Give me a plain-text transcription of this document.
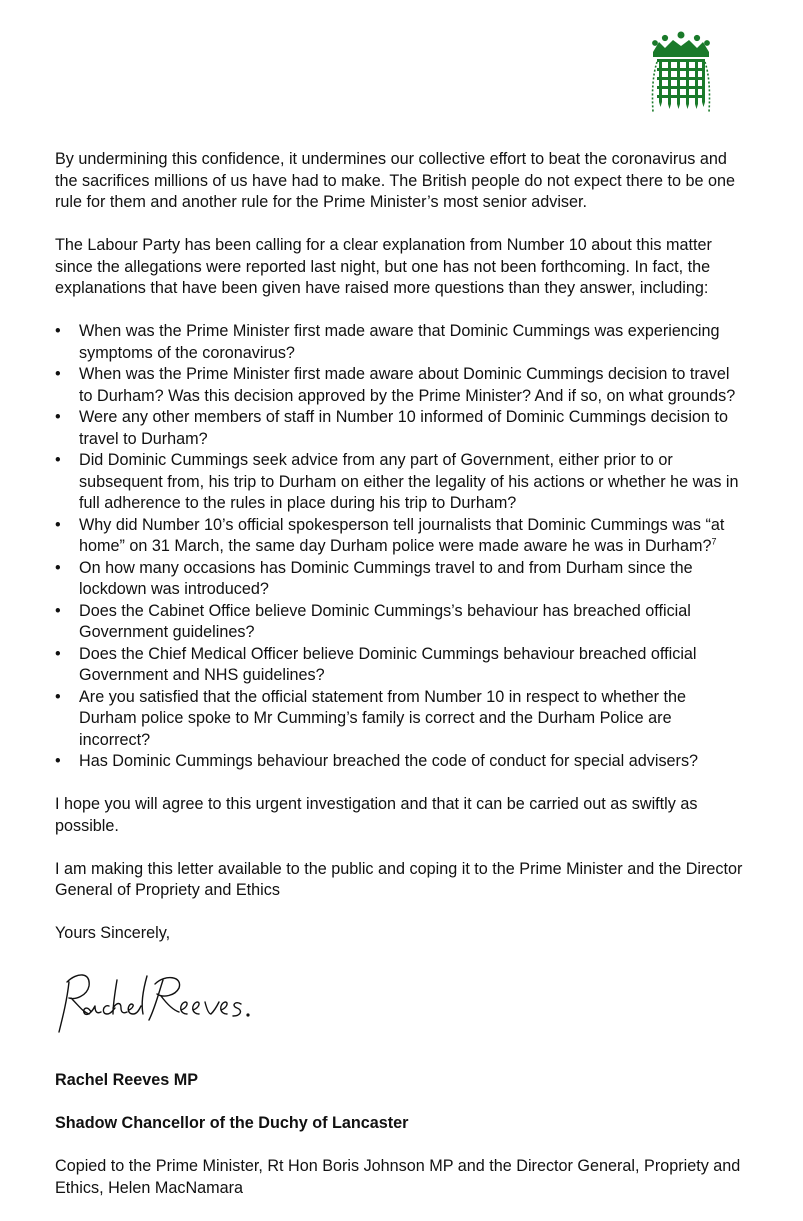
By undermining this confidence, it undermines our collective effort to beat the coronavirus and the sacrifices millions of us have had to make. The British people do not expect there to be one rule for them and another rule for the Prime Minister’s most senior adviser.

The Labour Party has been calling for a clear explanation from Number 10 about this matter since the allegations were reported last night, but one has not been forthcoming. In fact, the explanations that have been given have raised more questions than they answer, including:

•	When was the Prime Minister first made aware that Dominic Cummings was experiencing symptoms of the coronavirus?
•	When was the Prime Minister first made aware about Dominic Cummings decision to travel to Durham? Was this decision approved by the Prime Minister? And if so, on what grounds?
•	Were any other members of staff in Number 10 informed of Dominic Cummings decision to travel to Durham?
•	Did Dominic Cummings seek advice from any part of Government, either prior to or subsequent from, his trip to Durham on either the legality of his actions or whether he was in full adherence to the rules in place during his trip to Durham?
•	Why did Number 10’s official spokesperson tell journalists that Dominic Cummings was “at home” on 31 March, the same day Durham police were made aware he was in Durham?$^7$
•	On how many occasions has Dominic Cummings travel to and from Durham since the lockdown was introduced?
•	Does the Cabinet Office believe Dominic Cummings’s behaviour has breached official Government guidelines?
•	Does the Chief Medical Officer believe Dominic Cummings behaviour breached official Government and NHS guidelines?
•	Are you satisfied that the official statement from Number 10 in respect to whether the Durham police spoke to Mr Cumming’s family is correct and the Durham Police are incorrect?
•	Has Dominic Cummings behaviour breached the code of conduct for special advisers?

I hope you will agree to this urgent investigation and that it can be carried out as swiftly as possible.

I am making this letter available to the public and coping it to the Prime Minister and the Director General of Propriety and Ethics

Yours Sincerely,

Rachel Reeves MP

Shadow Chancellor of the Duchy of Lancaster

Copied to the Prime Minister, Rt Hon Boris Johnson MP and the Director General, Propriety and Ethics, Helen MacNamara
